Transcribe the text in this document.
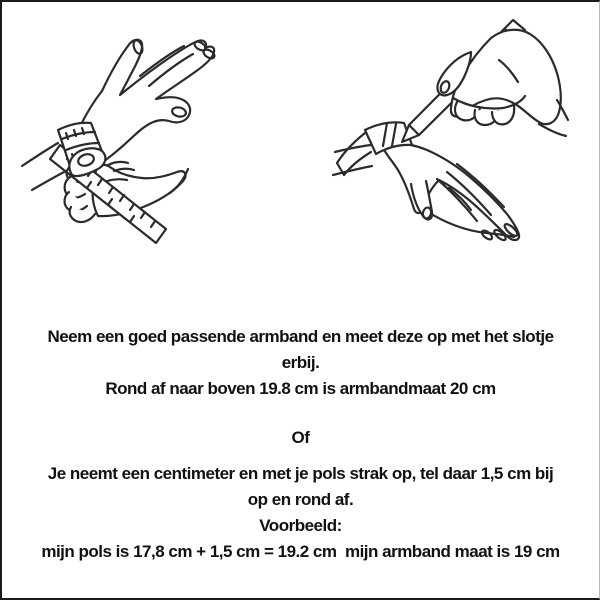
Neem een goed passende armband en meet deze op met het slotje
erbij.
Rond af naar boven 19.8 cm is armbandmaat 20 cm
Of
Je neemt een centimeter en met je pols strak op, tel daar 1,5 cm bij
op en rond af.
Voorbeeld:
mijn pols is 17,8 cm + 1,5 cm = 19.2 cm  mijn armband maat is 19 cm
